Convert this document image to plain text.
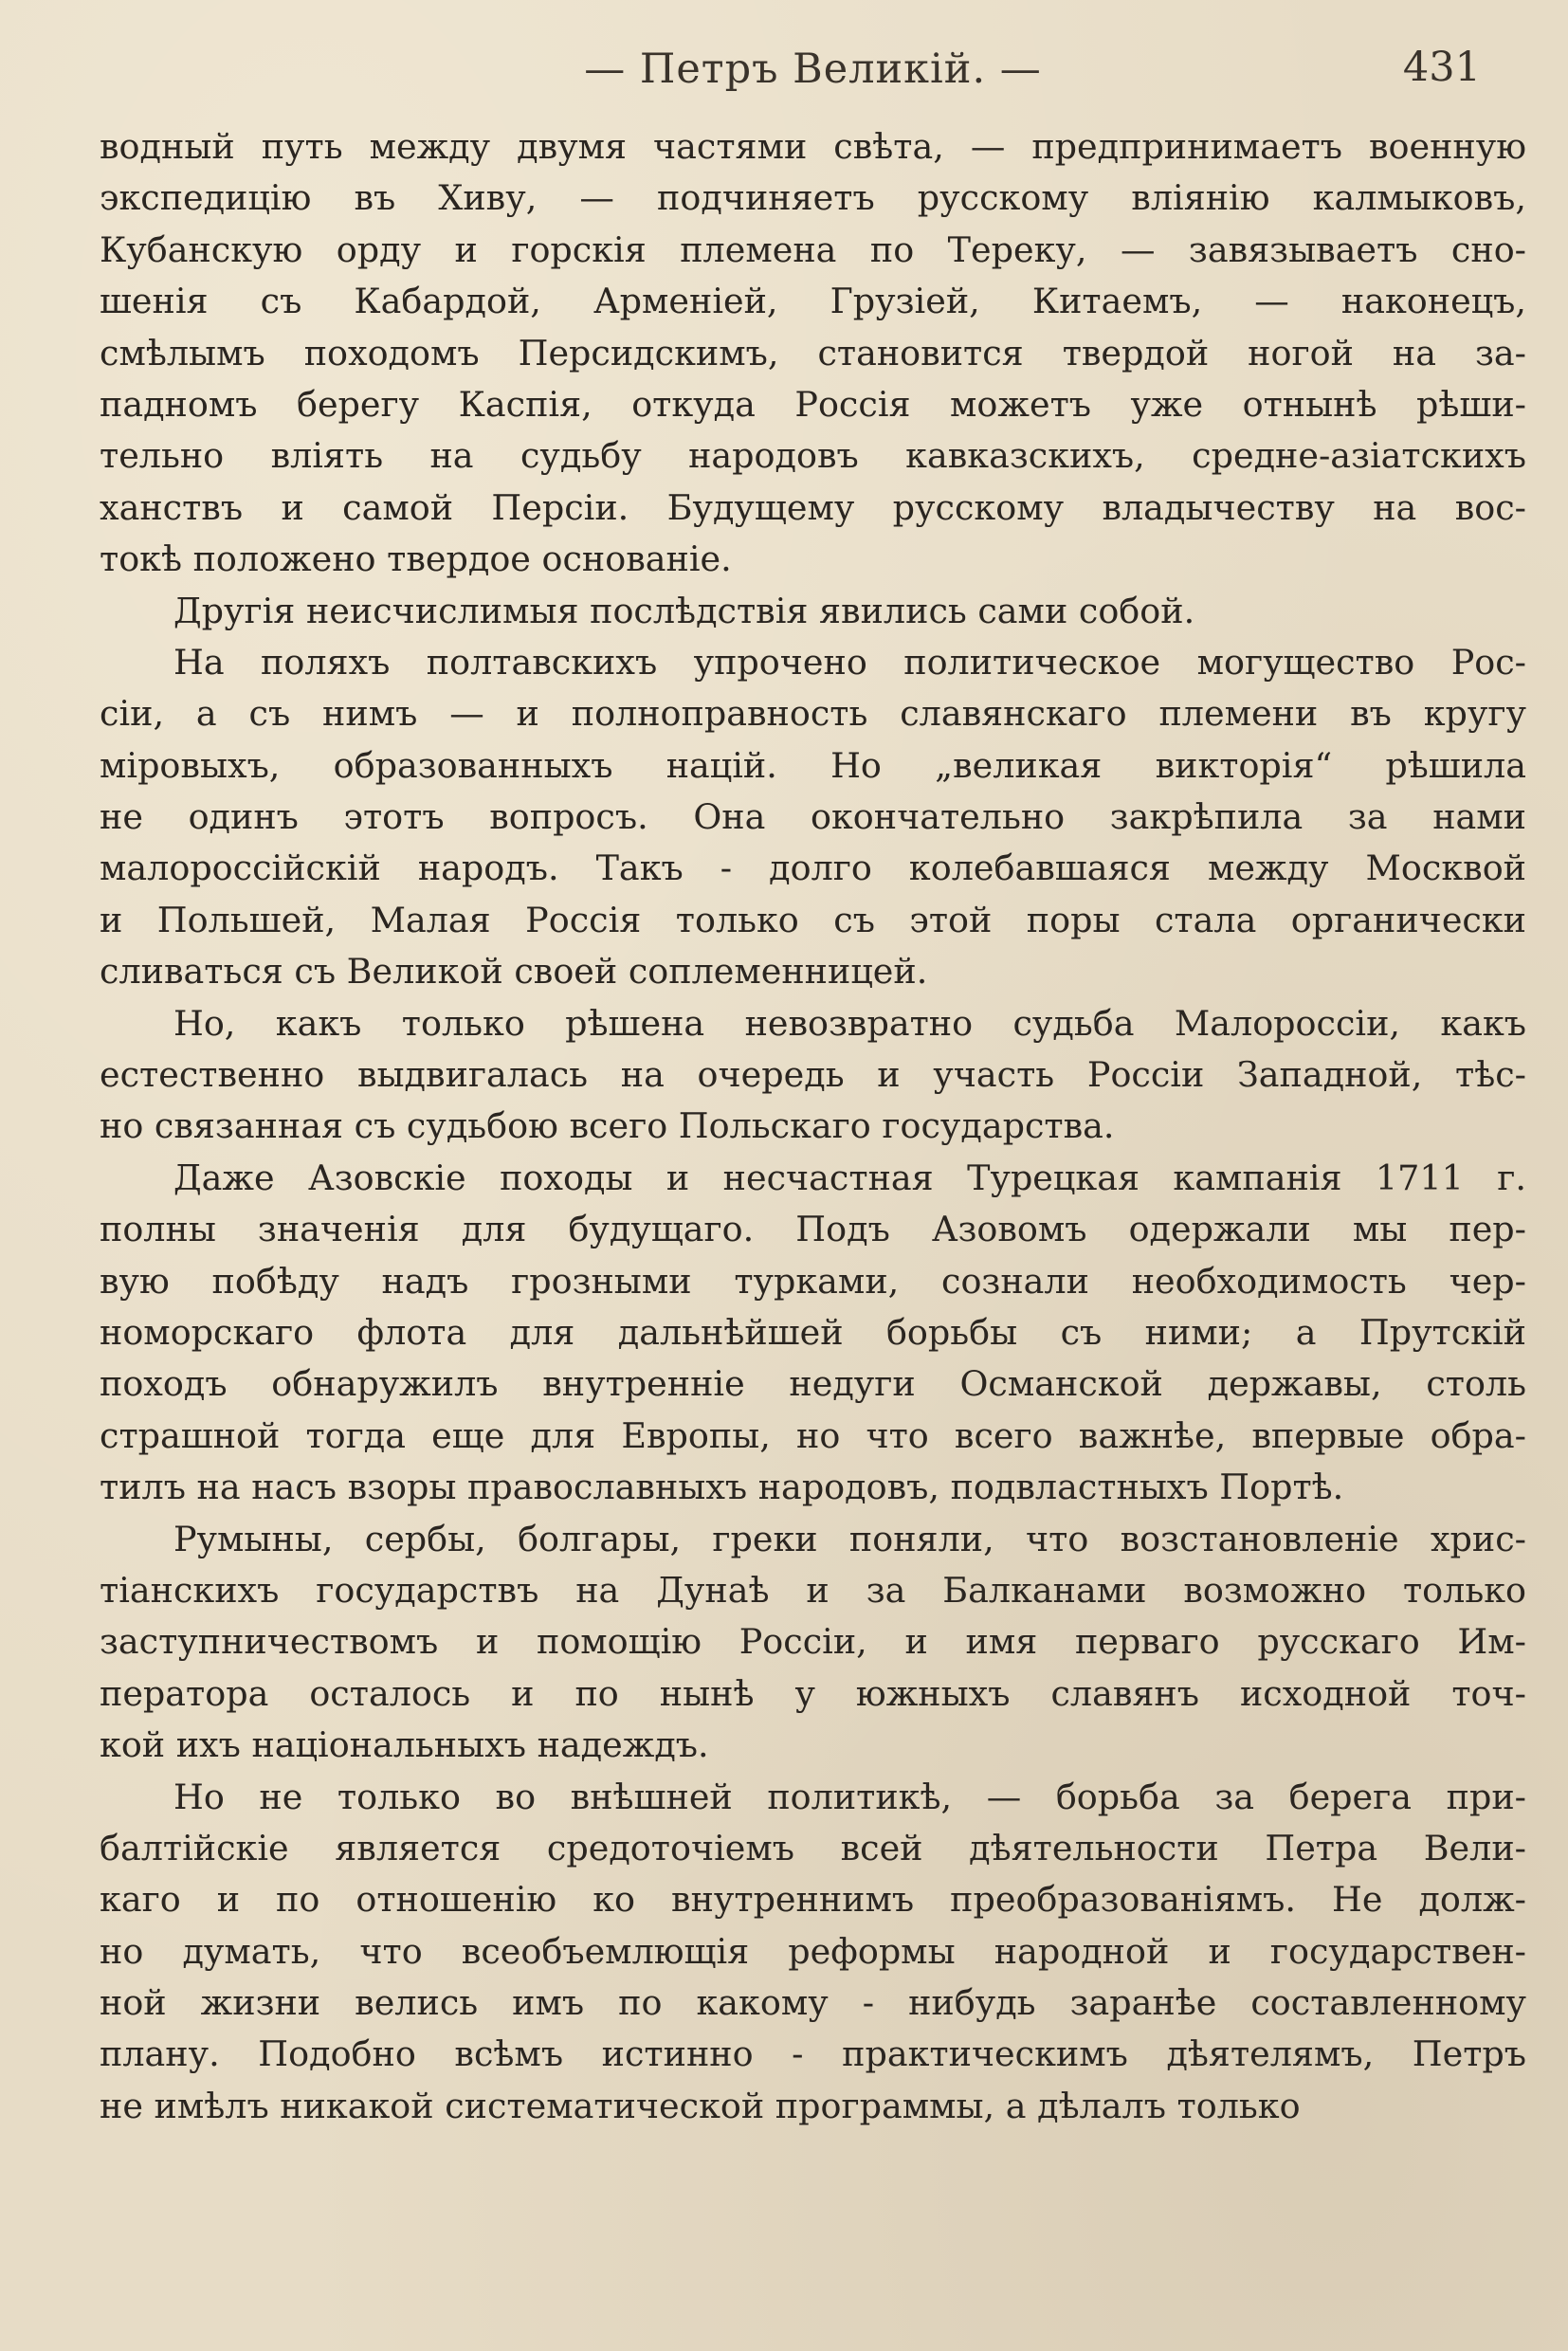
— Петръ Великій. —	431
водный путь между двумя частями свѣта, — предпринимаетъ военную
экспедицію въ Хиву, — подчиняетъ русскому вліянію калмыковъ,
Кубанскую орду и горскія племена по Тереку, — завязываетъ сно-
шенія съ Кабардой, Арменіей, Грузіей, Китаемъ, — наконецъ,
смѣлымъ походомъ Персидскимъ, становится твердой ногой на за-
падномъ берегу Каспія, откуда Россія можетъ уже отнынѣ рѣши-
тельно вліять на судьбу народовъ кавказскихъ, средне-азіатскихъ
ханствъ и самой Персіи. Будущему русскому владычеству на вос-
токѣ положено твердое основаніе.
Другія неисчислимыя послѣдствія явились сами собой.
На поляхъ полтавскихъ упрочено политическое могущество Рос-
сіи, а съ нимъ — и полноправность славянскаго племени въ кругу
міровыхъ, образованныхъ націй. Но „великая викторія“ рѣшила
не одинъ этотъ вопросъ. Она окончательно закрѣпила за нами
малороссійскій народъ. Такъ - долго колебавшаяся между Москвой
и Польшей, Малая Россія только съ этой поры стала органически
сливаться съ Великой своей соплеменницей.
Но, какъ только рѣшена невозвратно судьба Малороссіи, какъ
естественно выдвигалась на очередь и участь Россіи Западной, тѣс-
но связанная съ судьбою всего Польскаго государства.
Даже Азовскіе походы и несчастная Турецкая кампанія 1711 г.
полны значенія для будущаго. Подъ Азовомъ одержали мы пер-
вую побѣду надъ грозными турками, сознали необходимость чер-
номорскаго флота для дальнѣйшей борьбы съ ними; а Прутскій
походъ обнаружилъ внутренніе недуги Османской державы, столь
страшной тогда еще для Европы, но что всего важнѣе, впервые обра-
тилъ на насъ взоры православныхъ народовъ, подвластныхъ Портѣ.
Румыны, сербы, болгары, греки поняли, что возстановленіе хрис-
тіанскихъ государствъ на Дунаѣ и за Балканами возможно только
заступничествомъ и помощію Россіи, и имя перваго русскаго Им-
ператора осталось и по нынѣ у южныхъ славянъ исходной точ-
кой ихъ національныхъ надеждъ.
Но не только во внѣшней политикѣ, — борьба за берега при-
балтійскіе является средоточіемъ всей дѣятельности Петра Вели-
каго и по отношенію ко внутреннимъ преобразованіямъ. Не долж-
но думать, что всеобъемлющія реформы народной и государствен-
ной жизни велись имъ по какому - нибудь заранѣе составленному
плану. Подобно всѣмъ истинно - практическимъ дѣятелямъ, Петръ
не имѣлъ никакой систематической программы, а дѣлалъ только
